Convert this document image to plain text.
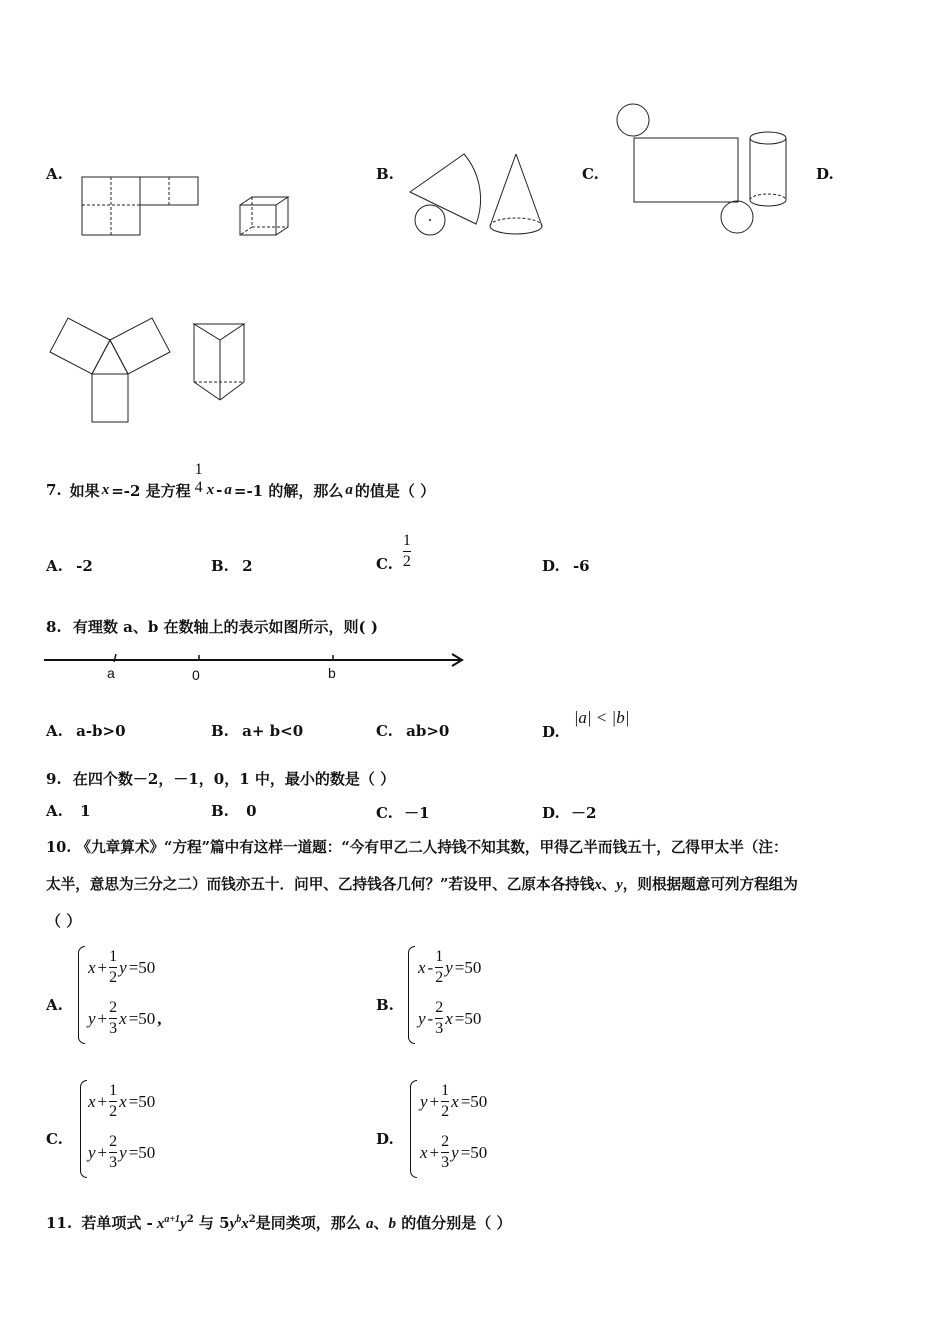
A.	B.	C.	D.
7. 如果 x =-2 是方程
1
4 x - a =-1 的解，那么 a 的值是（ ）
A. -2	B. 2	C. $\frac{1}{2}$	D. -6
8. 有理数 a、b 在数轴上的表示如图所示，则( )
a	0	b
A. a-b>0	B. a+ b<0	C. ab>0	D.
|a| < |b|
9. 在四个数－2，－1，0，1 中，最小的数是（ ）
A. 1	B. 0	C. －1	D. －2
10. 《九章算术》“方程”篇中有这样一道题：“今有甲乙二人持钱不知其数，甲得乙半而钱五十，乙得甲太半（注：
太半，意思为三分之二）而钱亦五十．问甲、乙持钱各几何？”若设甲、乙原本各持钱x、y，则根据题意可列方程组为
（ ）
A.
$x + \frac{1}{2}$ y =50
$y + \frac{2}{3}$ x =50 ,
B.
x - $\frac{1}{2}$ y =50
y - $\frac{2}{3}$ x =50
C.
$x + \frac{1}{2}$ x =50
$y + \frac{2}{3}$ y =50
D.
$y + \frac{1}{2}$ x =50
$x + \frac{2}{3}$ y =50
11. 若单项式 - $x^{a+1}y^2$ 与 $5y^bx^2$是同类项，那么 a、b 的值分别是（ ）
